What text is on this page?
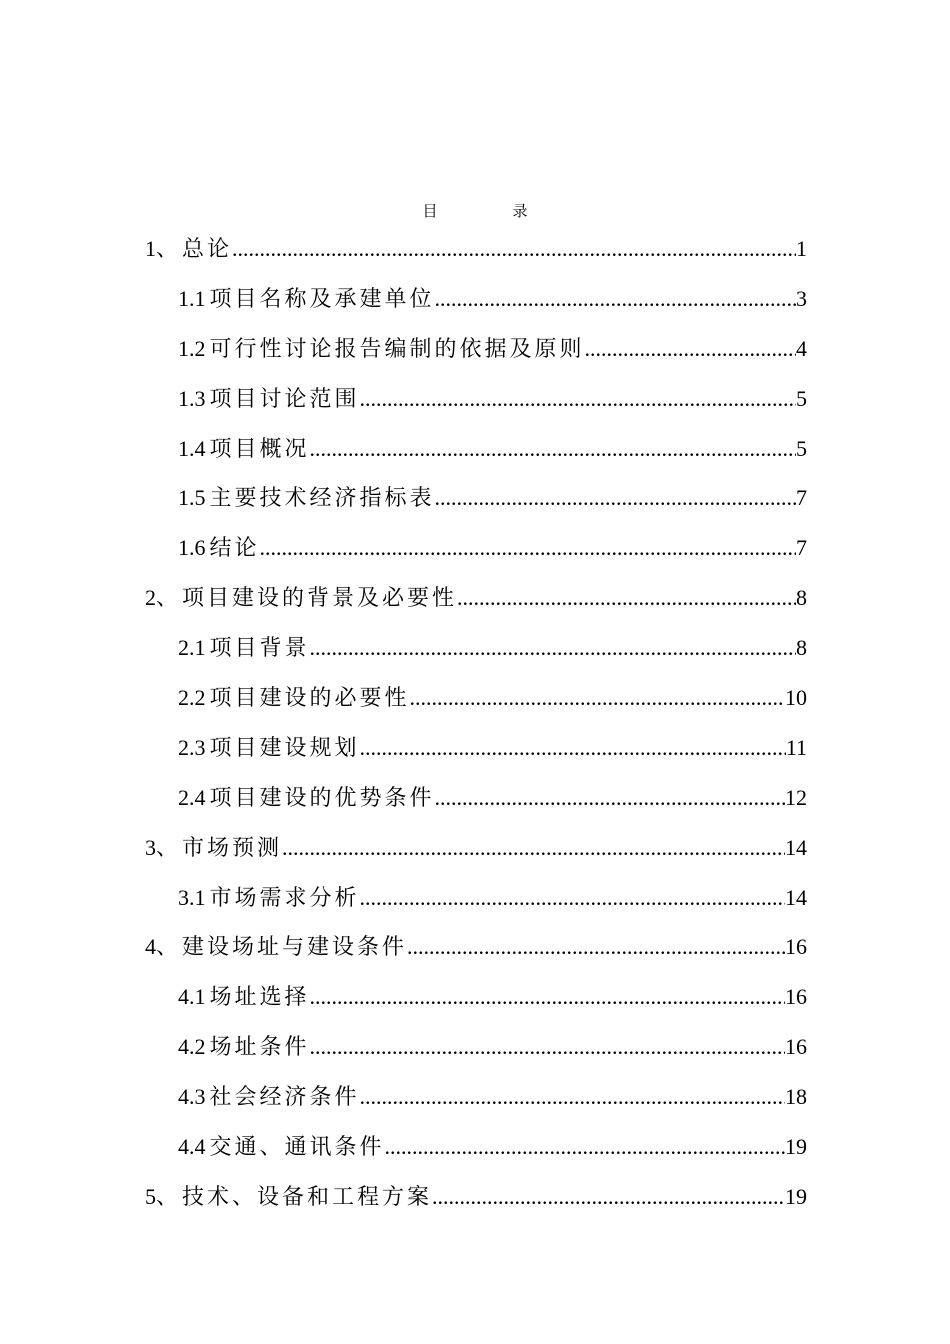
目　录
1、 总论 .....	1
1.1 项目名称及承建单位 .....	3
1.2 可行性讨论报告编制的依据及原则 .....	4
1.3 项目讨论范围 .....	5
1.4 项目概况 .....	5
1.5 主要技术经济指标表 .....	7
1.6 结论 .....	7
2、 项目建设的背景及必要性 .....	8
2.1 项目背景 .....	8
2.2 项目建设的必要性 .....	10
2.3 项目建设规划 .....	11
2.4 项目建设的优势条件 .....	12
3、 市场预测 .....	14
3.1 市场需求分析 .....	14
4、 建设场址与建设条件 .....	16
4.1 场址选择 .....	16
4.2 场址条件 .....	16
4.3 社会经济条件 .....	18
4.4 交通、通讯条件 .....	19
5、 技术、设备和工程方案 .....	19
